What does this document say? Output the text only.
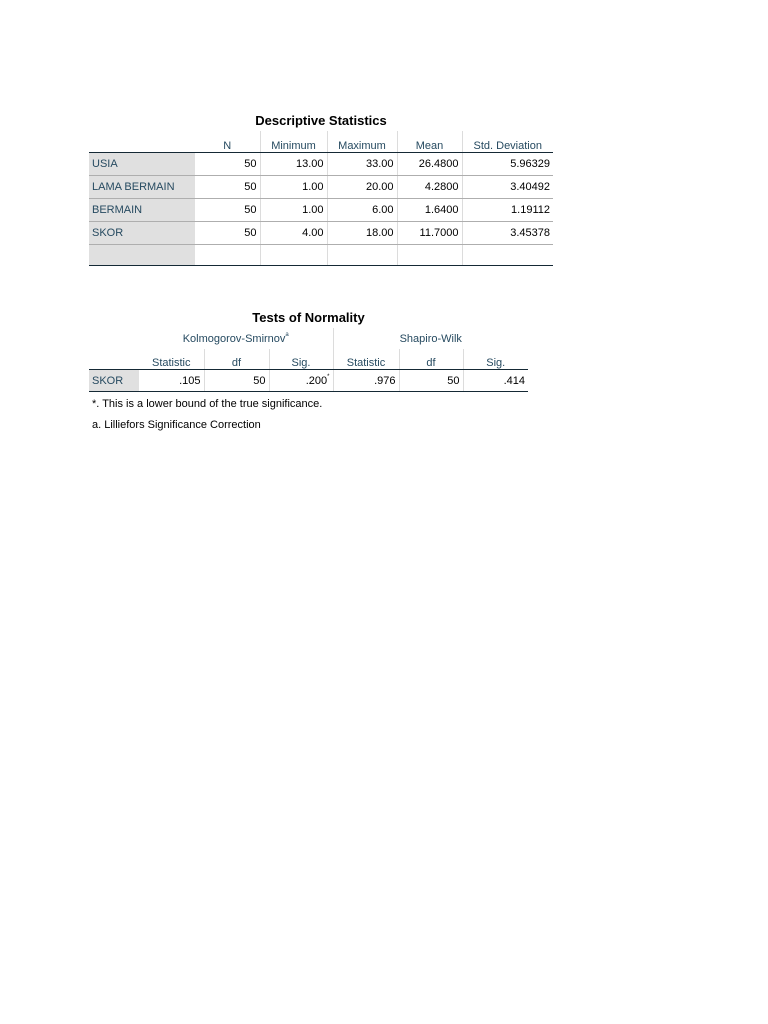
Descriptive Statistics
	N	Minimum	Maximum	Mean	Std. Deviation
USIA	50	13.00	33.00	26.4800	5.96329
LAMA BERMAIN	50	1.00	20.00	4.2800	3.40492
BERMAIN	50	1.00	6.00	1.6400	1.19112
SKOR	50	4.00	18.00	11.7000	3.45378

Tests of Normality
	Kolmogorov-Smirnov$^a$			Shapiro-Wilk		
	Statistic	df	Sig.	Statistic	df	Sig.
SKOR	.105	50	.200*	.976	50	.414
*. This is a lower bound of the true significance.
a. Lilliefors Significance Correction
